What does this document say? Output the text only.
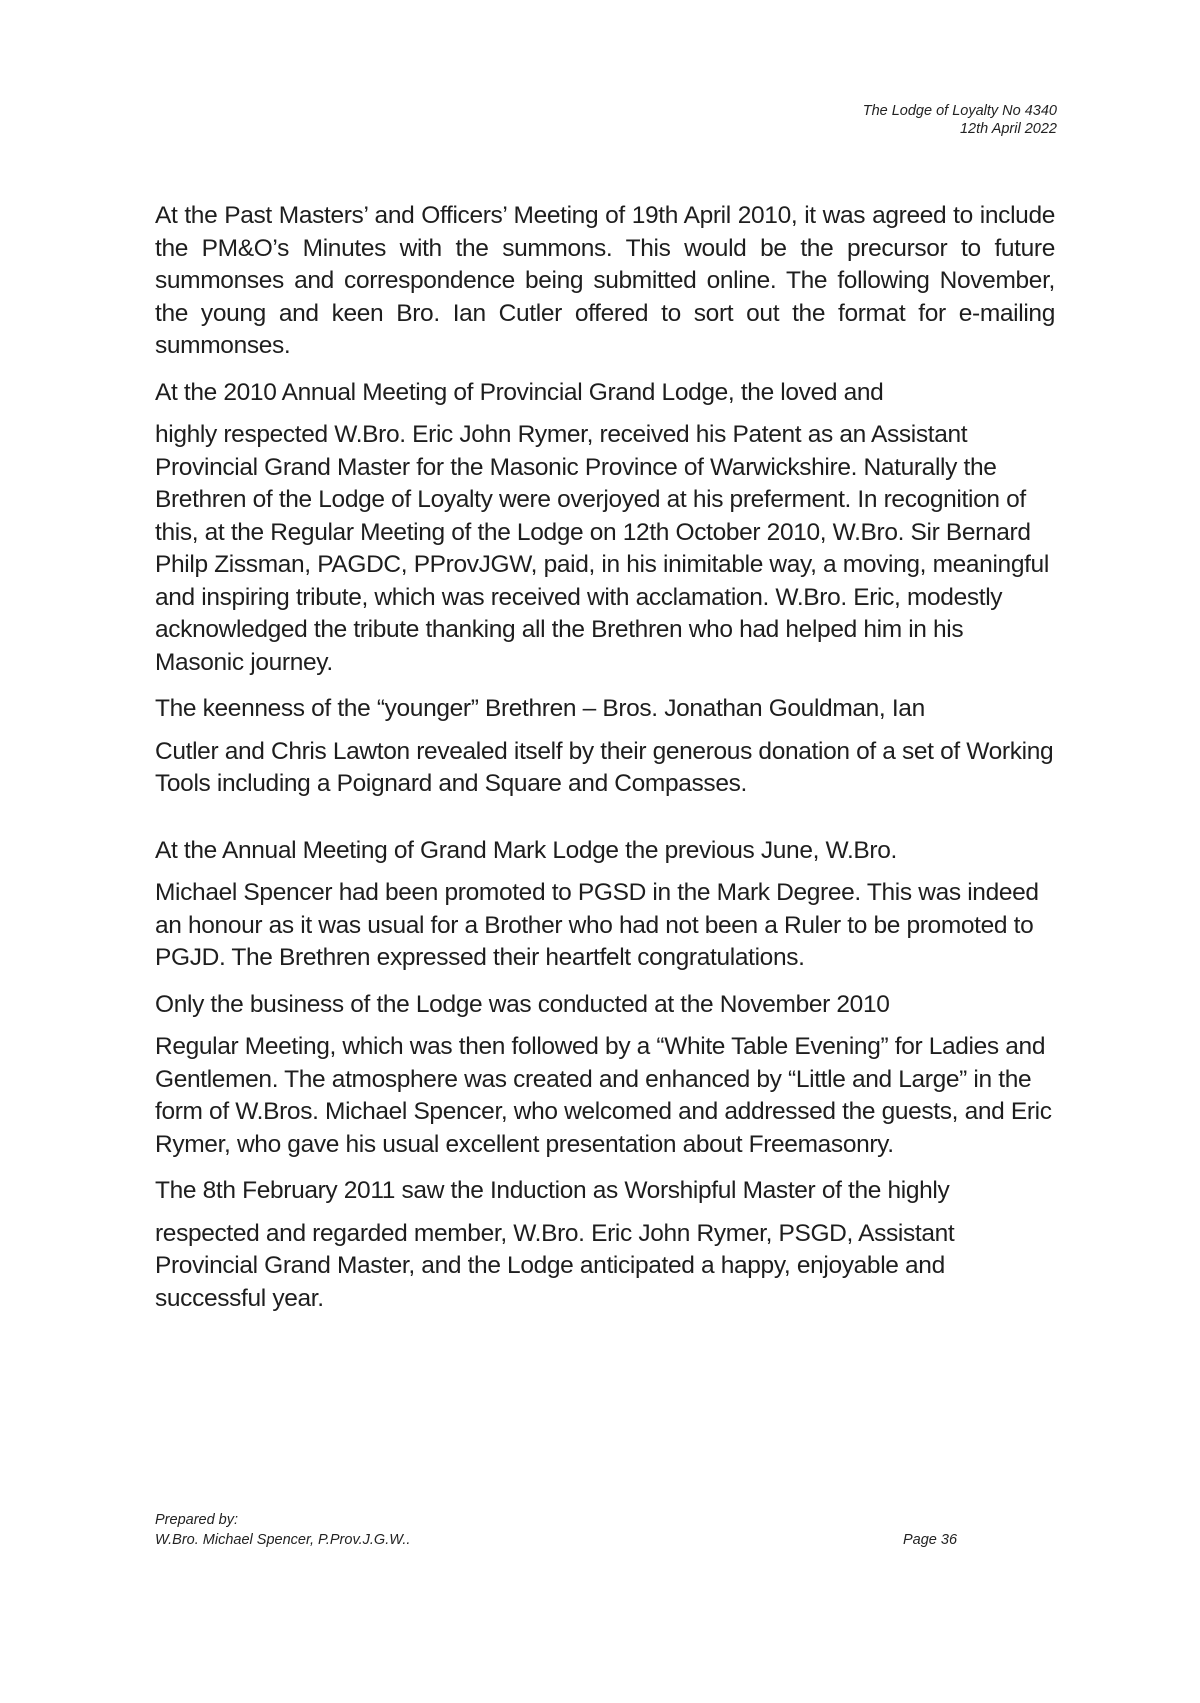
The Lodge of Loyalty No 4340
12th April 2022

At the Past Masters’ and Officers’ Meeting of 19th April 2010, it was agreed to include the PM&O’s Minutes with the summons. This would be the precursor to future summonses and correspondence being submitted online. The following November, the young and keen Bro. Ian Cutler offered to sort out the format for e-mailing summonses.

At the 2010 Annual Meeting of Provincial Grand Lodge, the loved and

highly respected W.Bro. Eric John Rymer, received his Patent as an Assistant Provincial Grand Master for the Masonic Province of Warwickshire. Naturally the Brethren of the Lodge of Loyalty were overjoyed at his preferment. In recognition of this, at the Regular Meeting of the Lodge on 12th October 2010, W.Bro. Sir Bernard Philp Zissman, PAGDC, PProvJGW, paid, in his inimitable way, a moving, meaningful and inspiring tribute, which was received with acclamation. W.Bro. Eric, modestly acknowledged the tribute thanking all the Brethren who had helped him in his Masonic journey.

The keenness of the “younger” Brethren – Bros. Jonathan Gouldman, Ian

Cutler and Chris Lawton revealed itself by their generous donation of a set of Working Tools including a Poignard and Square and Compasses.

At the Annual Meeting of Grand Mark Lodge the previous June, W.Bro.

Michael Spencer had been promoted to PGSD in the Mark Degree. This was indeed an honour as it was usual for a Brother who had not been a Ruler to be promoted to PGJD. The Brethren expressed their heartfelt congratulations.

Only the business of the Lodge was conducted at the November 2010

Regular Meeting, which was then followed by a “White Table Evening” for Ladies and Gentlemen. The atmosphere was created and enhanced by “Little and Large” in the form of W.Bros. Michael Spencer, who welcomed and addressed the guests, and Eric Rymer, who gave his usual excellent presentation about Freemasonry.

The 8th February 2011 saw the Induction as Worshipful Master of the highly

respected and regarded member, W.Bro. Eric John Rymer, PSGD, Assistant Provincial Grand Master, and the Lodge anticipated a happy, enjoyable and successful year.

Prepared by:
W.Bro. Michael Spencer, P.Prov.J.G.W..	Page 36
